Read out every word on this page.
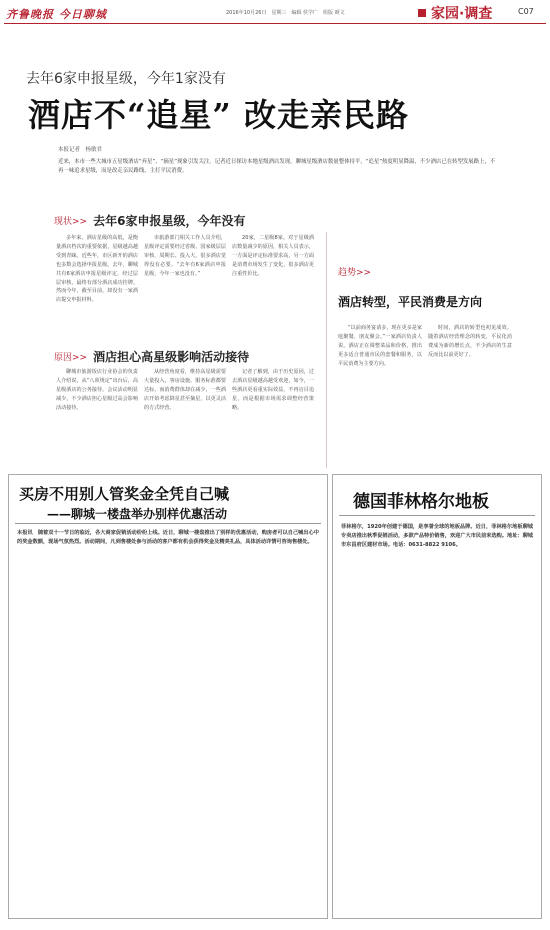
齐鲁晚报 今日聊城	2016年10月26日　星期三　编辑 侯学广　组版 颜文	家园·调查	C07
去年6家申报星级，今年1家没有
酒店不“追星” 改走亲民路
本报记者　杨敏君
近来，本市一些大城市五星级酒店“弃星”、“摘星”现象引发关注。记者近日探访本地星级酒店发现，聊城星级酒店数量整体持平，“追星”热度明显降温，不少酒店已在转型发展路上，不再一味追求星级，而是改走亲民路线，主打平民消费。
现状>> 去年6家申报星级，今年没有

多年来，酒店星级的高低，是衡量酒店档次的重要依据，星级越高越受到青睐。近些年，市区新开的酒店也多数会选择申报星级。去年，聊城共有6家酒店申报星级评定，经过层层审核，最终有部分酒店成功挂牌。然而今年，截至目前，却没有一家酒店提交申报材料。

市旅游部门相关工作人员介绍，星级评定需要经过省级、国家级层层审核，周期长、投入大，很多酒店觉得没有必要。“去年有6家酒店申报星级，今年一家也没有。”

20家，二星级8家。对于星级酒店数量减少的原因，相关人员表示，一方面是评定标准要求高，另一方面是消费市场发生了变化，很多酒店更注重性价比。

原因>> 酒店担心高星级影响活动接待

聊城市旅游饭店行业协会的负责人介绍说，从“八项规定”出台后，高星级酒店的公务接待、会议活动明显减少，不少酒店担心星级过高会影响活动接待。

从经营角度看，维持高星级需要大量投入，客房设施、服务标准都要达标，而消费群体却在减少，一些酒店开始考虑降星甚至摘星，以更灵活的方式经营。

记者了解到，由于历史原因，过去酒店星级越高越受欢迎，如今，一些酒店更看重实际效益，不再盲目追星，而是根据市场需求调整经营策略。

趋势>>
酒店转型，平民消费是方向

“以前商务宴请多，现在更多是家庭聚餐、朋友聚会。”一家酒店负责人说，酒店正在调整菜品和价格，推出更多适合普通市民的套餐和服务，以平民消费为主要方向。

时间，酒店的转型也初见成效。随着酒店经营理念的转变，平民化消费成为新的增长点，不少酒店的生意反而比以前更好了。

买房不用别人管奖金全凭自己喊
——聊城一楼盘举办别样优惠活动
本报讯　随着双十一节日的临近，各大商家促销活动纷纷上线。近日，聊城一楼盘推出了别样的优惠活动，购房者可以自己喊出心中的奖金数额，现场气氛热烈。活动期间，凡到售楼处参与活动的客户都有机会获得奖金及精美礼品，具体活动详情可咨询售楼处。
德国菲林格尔地板
菲林格尔，1920年创建于德国，是享誉全球的地板品牌。近日，菲林格尔地板聊城专卖店推出秋季促销活动，多款产品特价销售，欢迎广大市民前来选购。地址：聊城市东昌府区建材市场。电话：0631-8822 9106。
